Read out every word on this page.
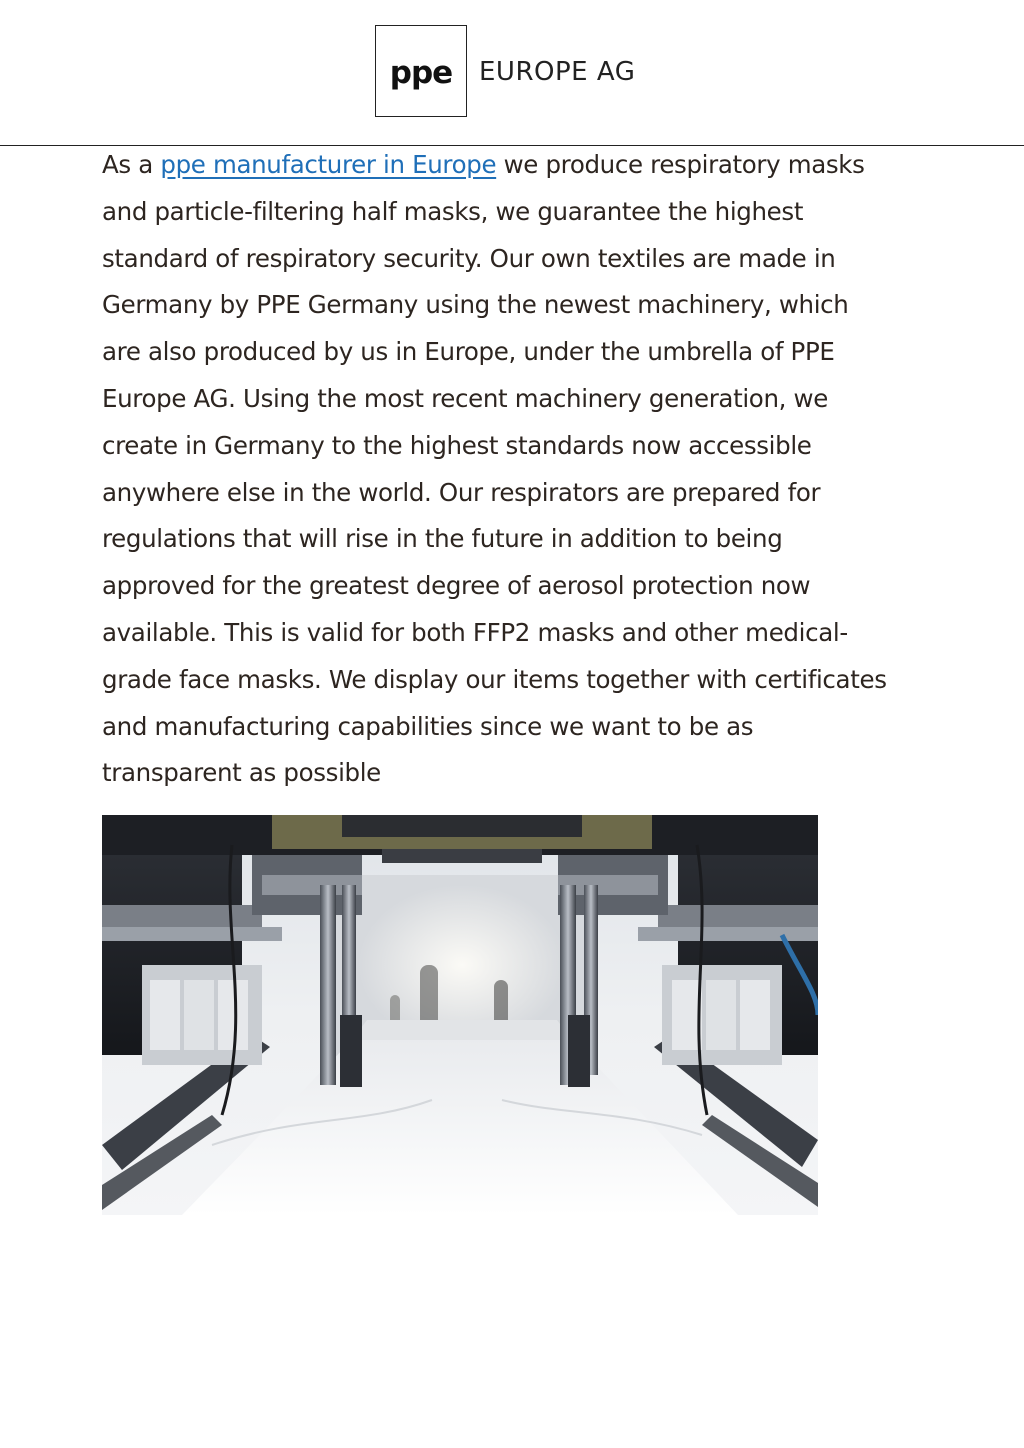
ppe EUROPE AG

As a ppe manufacturer in Europe we produce respiratory masks
and particle-filtering half masks, we guarantee the highest
standard of respiratory security. Our own textiles are made in
Germany by PPE Germany using the newest machinery, which
are also produced by us in Europe, under the umbrella of PPE
Europe AG. Using the most recent machinery generation, we
create in Germany to the highest standards now accessible
anywhere else in the world. Our respirators are prepared for
regulations that will rise in the future in addition to being
approved for the greatest degree of aerosol protection now
available. This is valid for both FFP2 masks and other medical-
grade face masks. We display our items together with certificates
and manufacturing capabilities since we want to be as
transparent as possible
